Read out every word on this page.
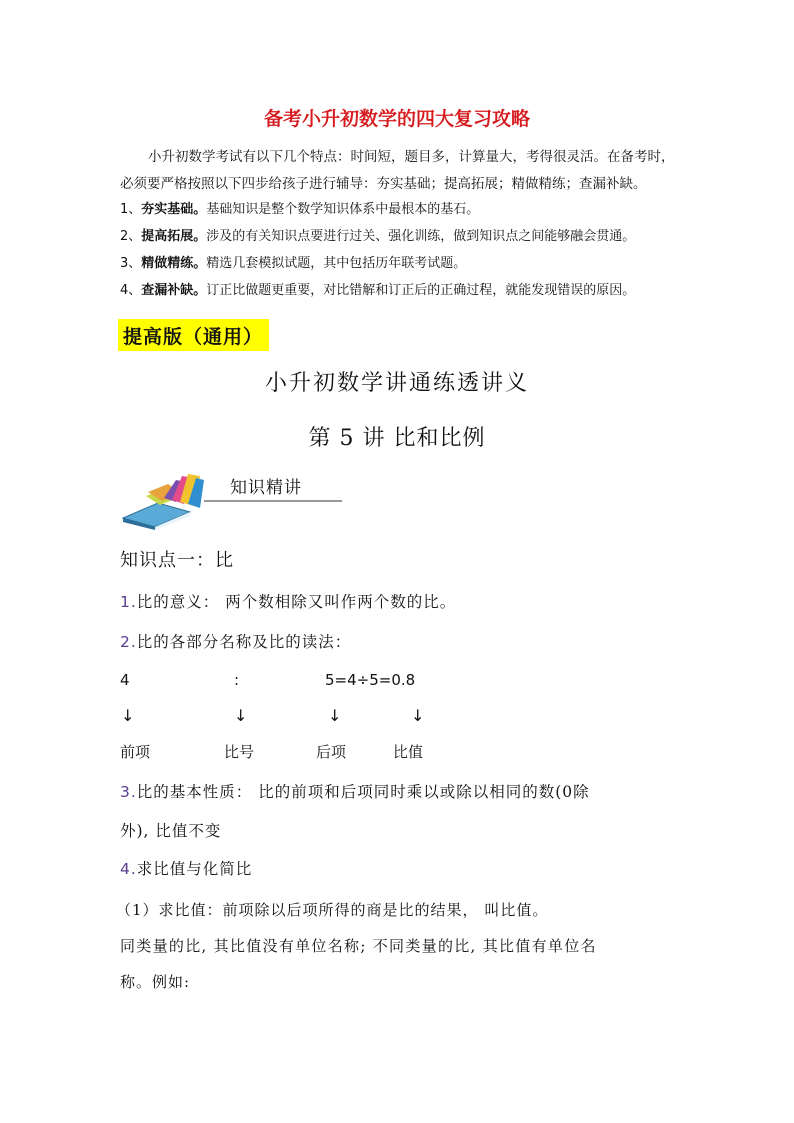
备考小升初数学的四大复习攻略
小升初数学考试有以下几个特点：时间短，题目多，计算量大，考得很灵活。在备考时，
必须要严格按照以下四步给孩子进行辅导：夯实基础；提高拓展；精做精练；查漏补缺。
1、夯实基础。基础知识是整个数学知识体系中最根本的基石。
2、提高拓展。涉及的有关知识点要进行过关、强化训练，做到知识点之间能够融会贯通。
3、精做精练。精选几套模拟试题，其中包括历年联考试题。
4、查漏补缺。订正比做题更重要，对比错解和订正后的正确过程，就能发现错误的原因。
提高版（通用）
小升初数学讲通练透讲义
第 5 讲 比和比例
知识精讲
知识点一：比
1.比的意义： 两个数相除又叫作两个数的比。
2.比的各部分名称及比的读法：
4	:	5=4÷5=0.8
↓	↓	↓	↓
前项	比号	后项	比值
3.比的基本性质： 比的前项和后项同时乘以或除以相同的数(0除
外), 比值不变
4.求比值与化简比
（1）求比值：前项除以后项所得的商是比的结果， 叫比值。
同类量的比, 其比值没有单位名称; 不同类量的比, 其比值有单位名
称。例如:
